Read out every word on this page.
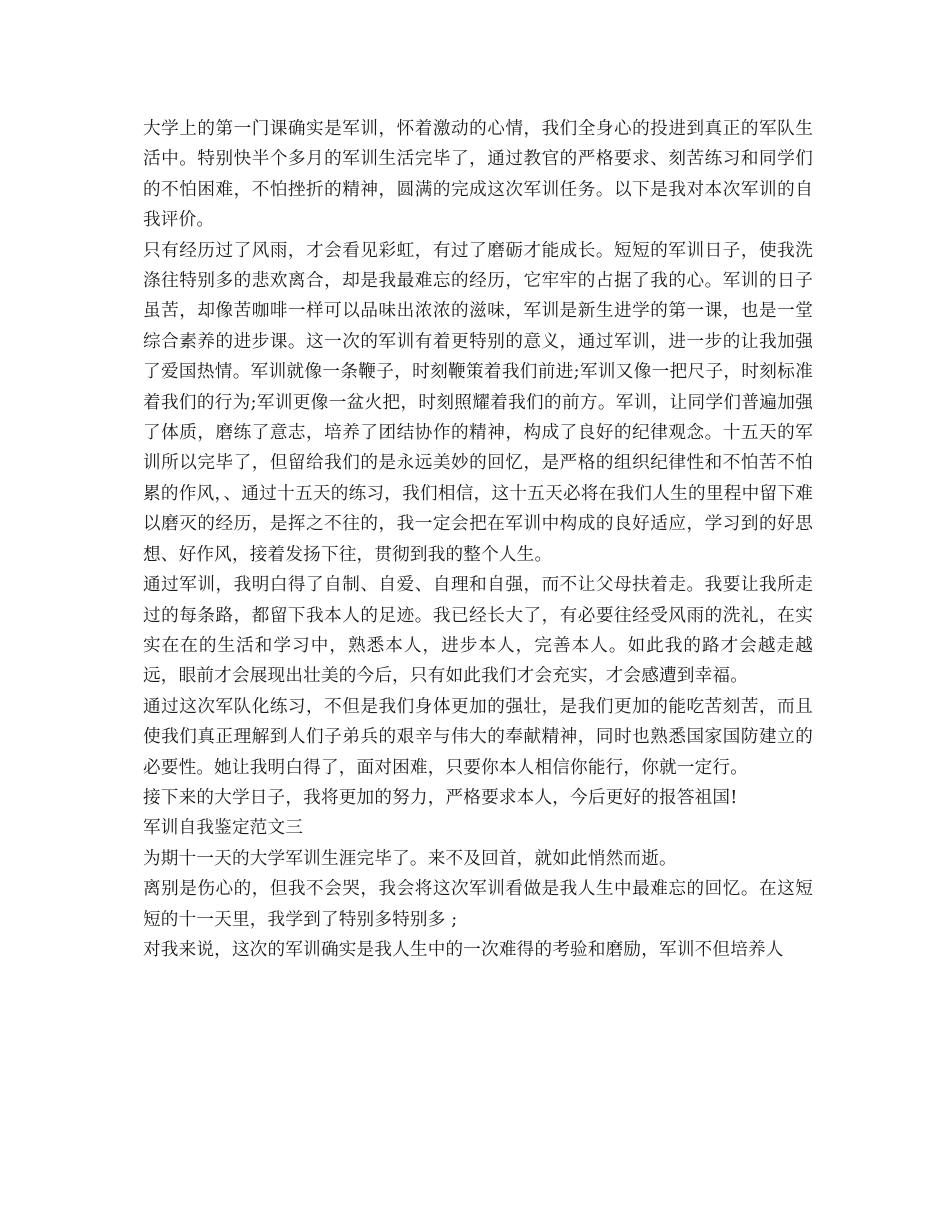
大学上的第一门课确实是军训，怀着激动的心情，我们全身心的投进到真正的军队生活中。特别快半个多月的军训生活完毕了，通过教官的严格要求、刻苦练习和同学们的不怕困难，不怕挫折的精神，圆满的完成这次军训任务。以下是我对本次军训的自我评价。

只有经历过了风雨，才会看见彩虹，有过了磨砺才能成长。短短的军训日子，使我洗涤往特别多的悲欢离合，却是我最难忘的经历，它牢牢的占据了我的心。军训的日子虽苦，却像苦咖啡一样可以品味出浓浓的滋味，军训是新生进学的第一课，也是一堂综合素养的进步课。这一次的军训有着更特别的意义，通过军训，进一步的让我加强了爱国热情。军训就像一条鞭子，时刻鞭策着我们前进;军训又像一把尺子，时刻标准着我们的行为;军训更像一盆火把，时刻照耀着我们的前方。军训，让同学们普遍加强了体质，磨练了意志，培养了团结协作的精神，构成了良好的纪律观念。十五天的军训所以完毕了，但留给我们的是永远美妙的回忆，是严格的组织纪律性和不怕苦不怕累的作风，、通过十五天的练习，我们相信，这十五天必将在我们人生的里程中留下难以磨灭的经历，是挥之不往的，我一定会把在军训中构成的良好适应，学习到的好思想、好作风，接着发扬下往，贯彻到我的整个人生。

通过军训，我明白得了自制、自爱、自理和自强，而不让父母扶着走。我要让我所走过的每条路，都留下我本人的足迹。我已经长大了，有必要往经受风雨的洗礼，在实实在在的生活和学习中，熟悉本人，进步本人，完善本人。如此我的路才会越走越远，眼前才会展现出壮美的今后，只有如此我们才会充实，才会感遭到幸福。

通过这次军队化练习，不但是我们身体更加的强壮，是我们更加的能吃苦刻苦，而且使我们真正理解到人们子弟兵的艰辛与伟大的奉献精神，同时也熟悉国家国防建立的必要性。她让我明白得了，面对困难，只要你本人相信你能行，你就一定行。

接下来的大学日子，我将更加的努力，严格要求本人，今后更好的报答祖国!

军训自我鉴定范文三

为期十一天的大学军训生涯完毕了。来不及回首，就如此悄然而逝。

离别是伤心的，但我不会哭，我会将这次军训看做是我人生中最难忘的回忆。在这短短的十一天里，我学到了特别多特别多 ;

对我来说，这次的军训确实是我人生中的一次难得的考验和磨励，军训不但培养人
